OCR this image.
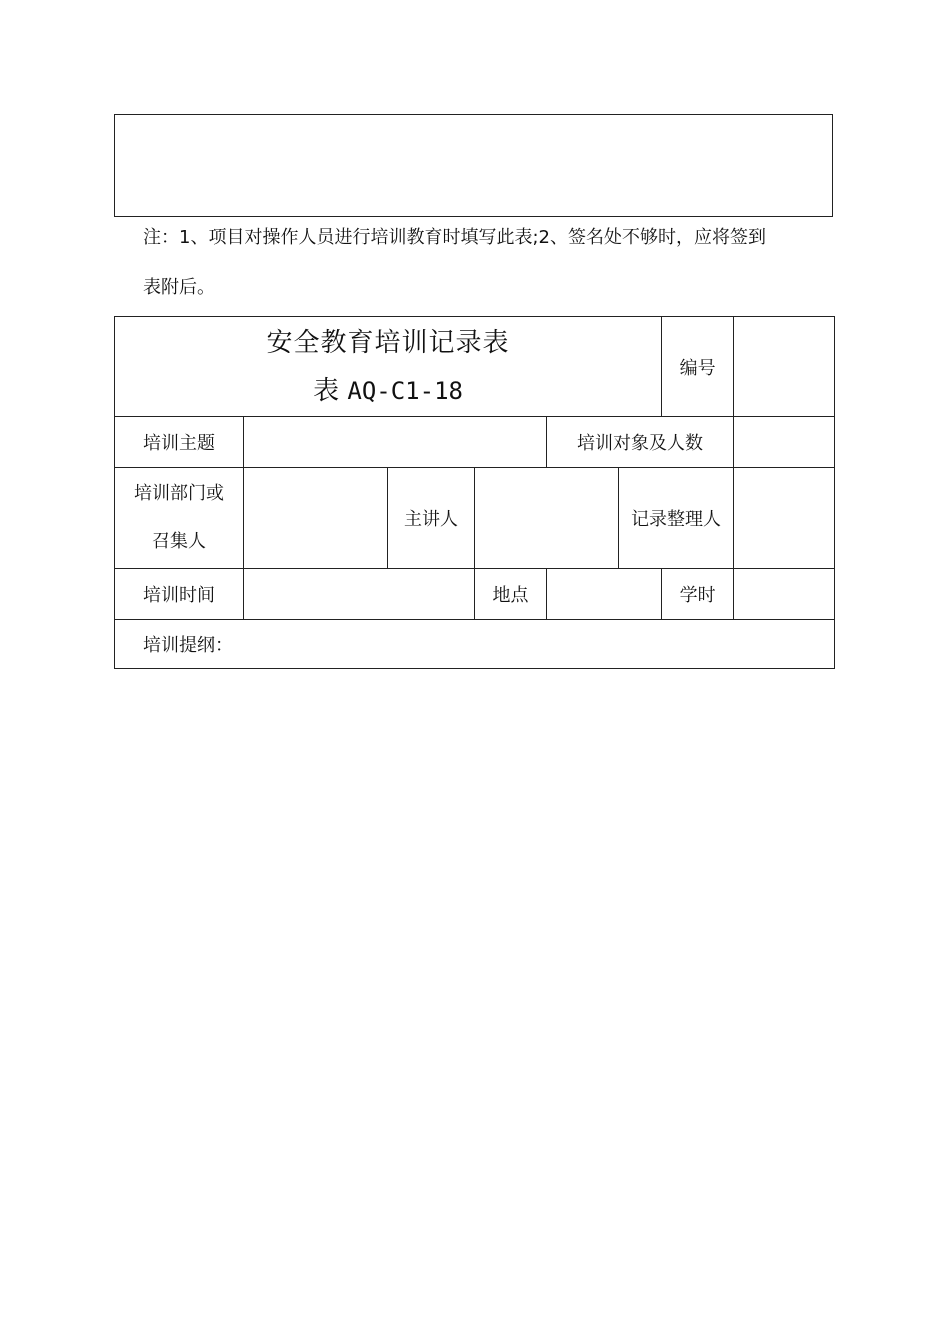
注：1、项目对操作人员进行培训教育时填写此表;2、签名处不够时，应将签到
表附后。
安全教育培训记录表
表 AQ-C1-18						编号	
培训主题				培训对象及人数			
培训部门或
召集人		主讲人			记录整理人		
培训时间			地点			学时	
培训提纲：							
